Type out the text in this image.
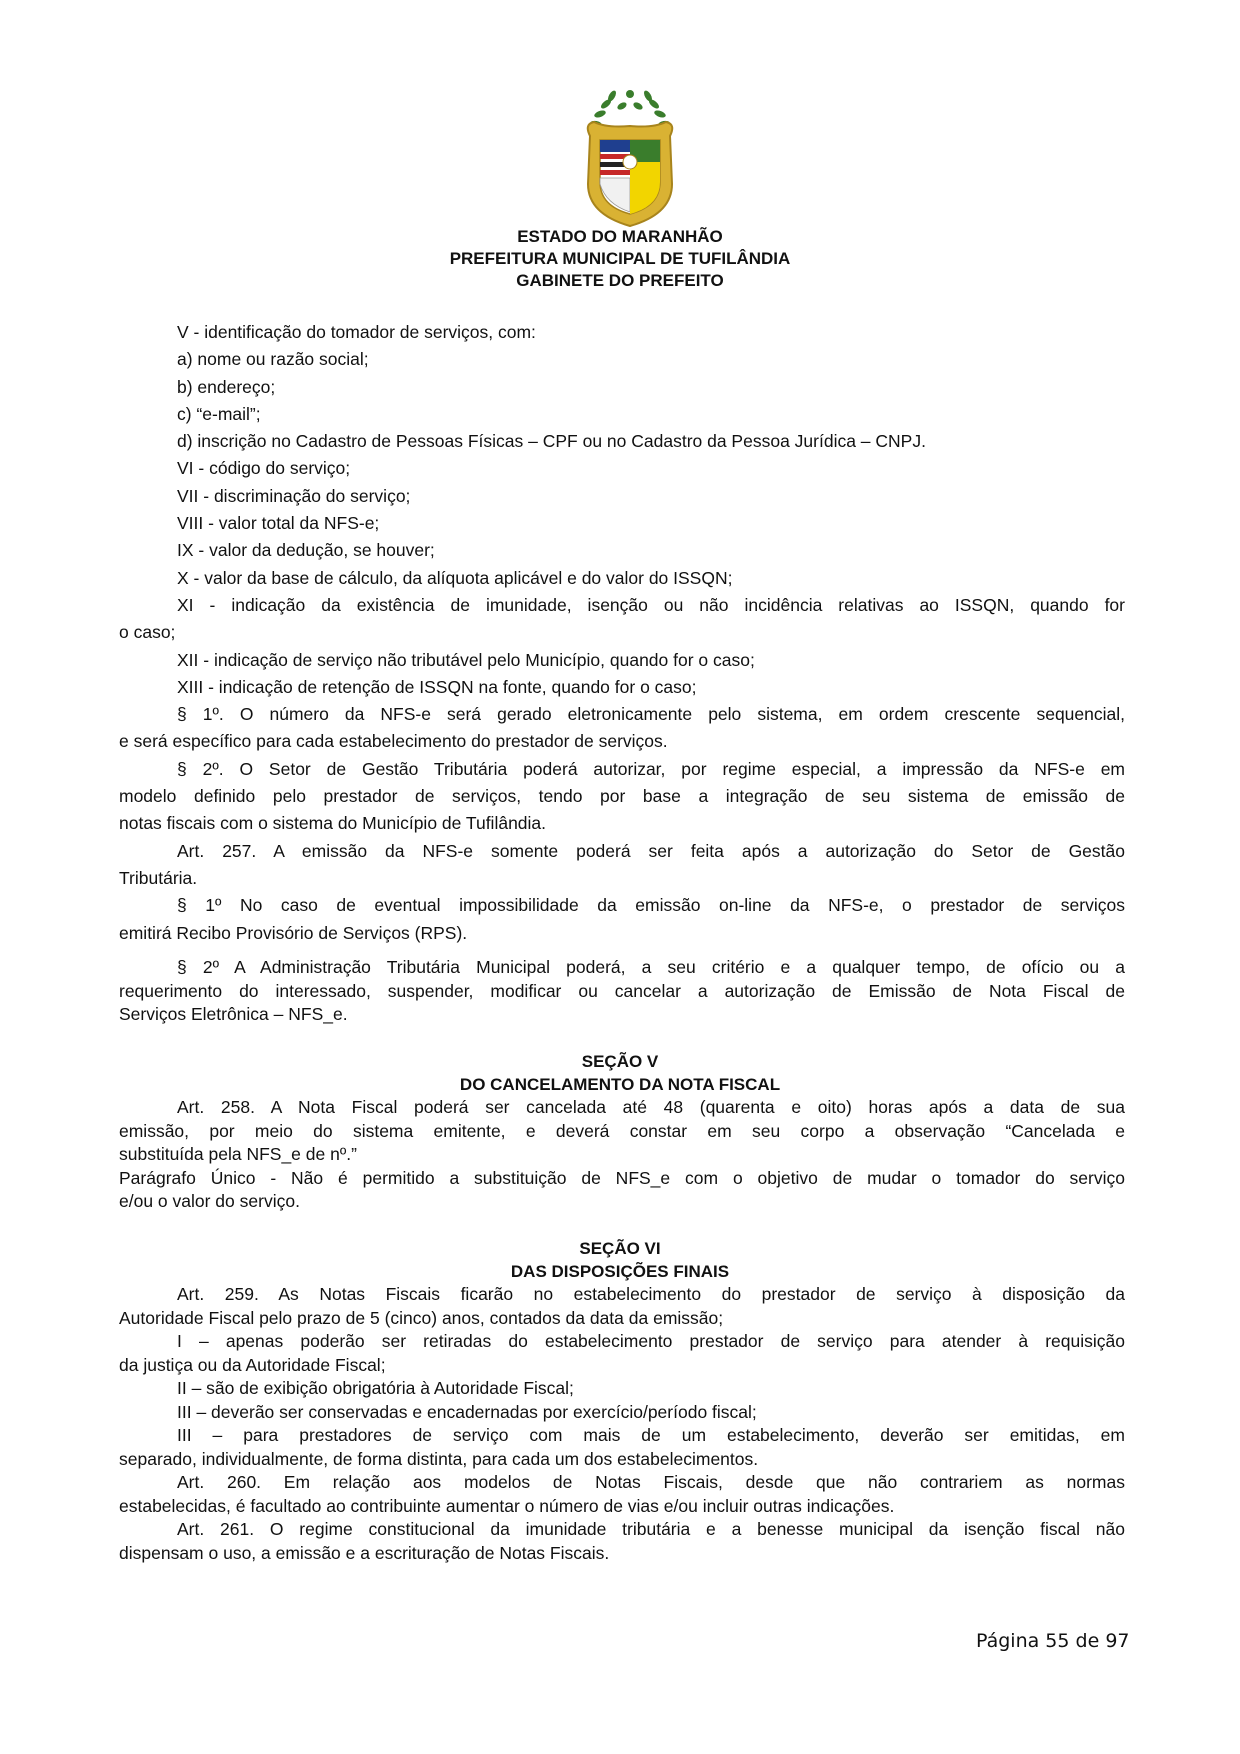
ESTADO DO MARANHÃO
PREFEITURA MUNICIPAL DE TUFILÂNDIA
GABINETE DO PREFEITO
V - identificação do tomador de serviços, com:
a) nome ou razão social;
b) endereço;
c) “e-mail”;
d) inscrição no Cadastro de Pessoas Físicas – CPF ou no Cadastro da Pessoa Jurídica – CNPJ.
VI - código do serviço;
VII - discriminação do serviço;
VIII - valor total da NFS-e;
IX - valor da dedução, se houver;
X - valor da base de cálculo, da alíquota aplicável e do valor do ISSQN;
XI - indicação da existência de imunidade, isenção ou não incidência relativas ao ISSQN, quando for
o caso;
XII - indicação de serviço não tributável pelo Município, quando for o caso;
XIII - indicação de retenção de ISSQN na fonte, quando for o caso;
§ 1º. O número da NFS-e será gerado eletronicamente pelo sistema, em ordem crescente sequencial,
e será específico para cada estabelecimento do prestador de serviços.
§ 2º. O Setor de Gestão Tributária poderá autorizar, por regime especial, a impressão da NFS-e em
modelo definido pelo prestador de serviços, tendo por base a integração de seu sistema de emissão de
notas fiscais com o sistema do Município de Tufilândia.
Art. 257. A emissão da NFS-e somente poderá ser feita após a autorização do Setor de Gestão
Tributária.
§ 1º No caso de eventual impossibilidade da emissão on-line da NFS-e, o prestador de serviços
emitirá Recibo Provisório de Serviços (RPS).
§ 2º A Administração Tributária Municipal poderá, a seu critério e a qualquer tempo, de ofício ou a
requerimento do interessado, suspender, modificar ou cancelar a autorização de Emissão de Nota Fiscal de
Serviços Eletrônica – NFS_e.
SEÇÃO V
DO CANCELAMENTO DA NOTA FISCAL
Art. 258. A Nota Fiscal poderá ser cancelada até 48 (quarenta e oito) horas após a data de sua
emissão, por meio do sistema emitente, e deverá constar em seu corpo a observação “Cancelada e
substituída pela NFS_e de nº.”
Parágrafo Único - Não é permitido a substituição de NFS_e com o objetivo de mudar o tomador do serviço
e/ou o valor do serviço.
SEÇÃO VI
DAS DISPOSIÇÕES FINAIS
Art. 259. As Notas Fiscais ficarão no estabelecimento do prestador de serviço à disposição da
Autoridade Fiscal pelo prazo de 5 (cinco) anos, contados da data da emissão;
I – apenas poderão ser retiradas do estabelecimento prestador de serviço para atender à requisição
da justiça ou da Autoridade Fiscal;
II – são de exibição obrigatória à Autoridade Fiscal;
III – deverão ser conservadas e encadernadas por exercício/período fiscal;
III – para prestadores de serviço com mais de um estabelecimento, deverão ser emitidas, em
separado, individualmente, de forma distinta, para cada um dos estabelecimentos.
Art. 260. Em relação aos modelos de Notas Fiscais, desde que não contrariem as normas
estabelecidas, é facultado ao contribuinte aumentar o número de vias e/ou incluir outras indicações.
Art. 261. O regime constitucional da imunidade tributária e a benesse municipal da isenção fiscal não
dispensam o uso, a emissão e a escrituração de Notas Fiscais.
Página 55 de 97
